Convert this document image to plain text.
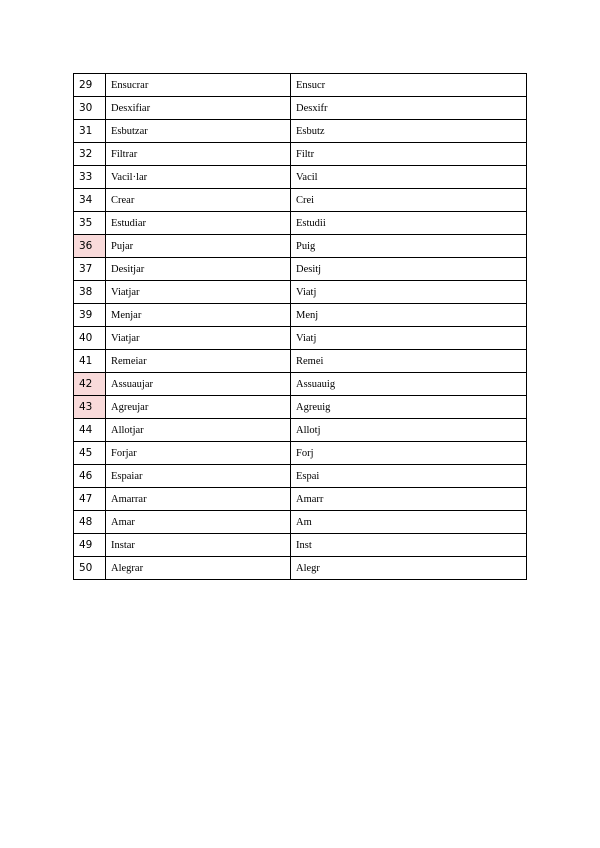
29	Ensucrar	Ensucr
30	Desxifiar	Desxifr
31	Esbutzar	Esbutz
32	Filtrar	Filtr
33	Vacil·lar	Vacil
34	Crear	Crei
35	Estudiar	Estudii
36	Pujar	Puig
37	Desitjar	Desitj
38	Viatjar	Viatj
39	Menjar	Menj
40	Viatjar	Viatj
41	Remeiar	Remei
42	Assuaujar	Assuauig
43	Agreujar	Agreuig
44	Allotjar	Allotj
45	Forjar	Forj
46	Espaiar	Espai
47	Amarrar	Amarr
48	Amar	Am
49	Instar	Inst
50	Alegrar	Alegr
